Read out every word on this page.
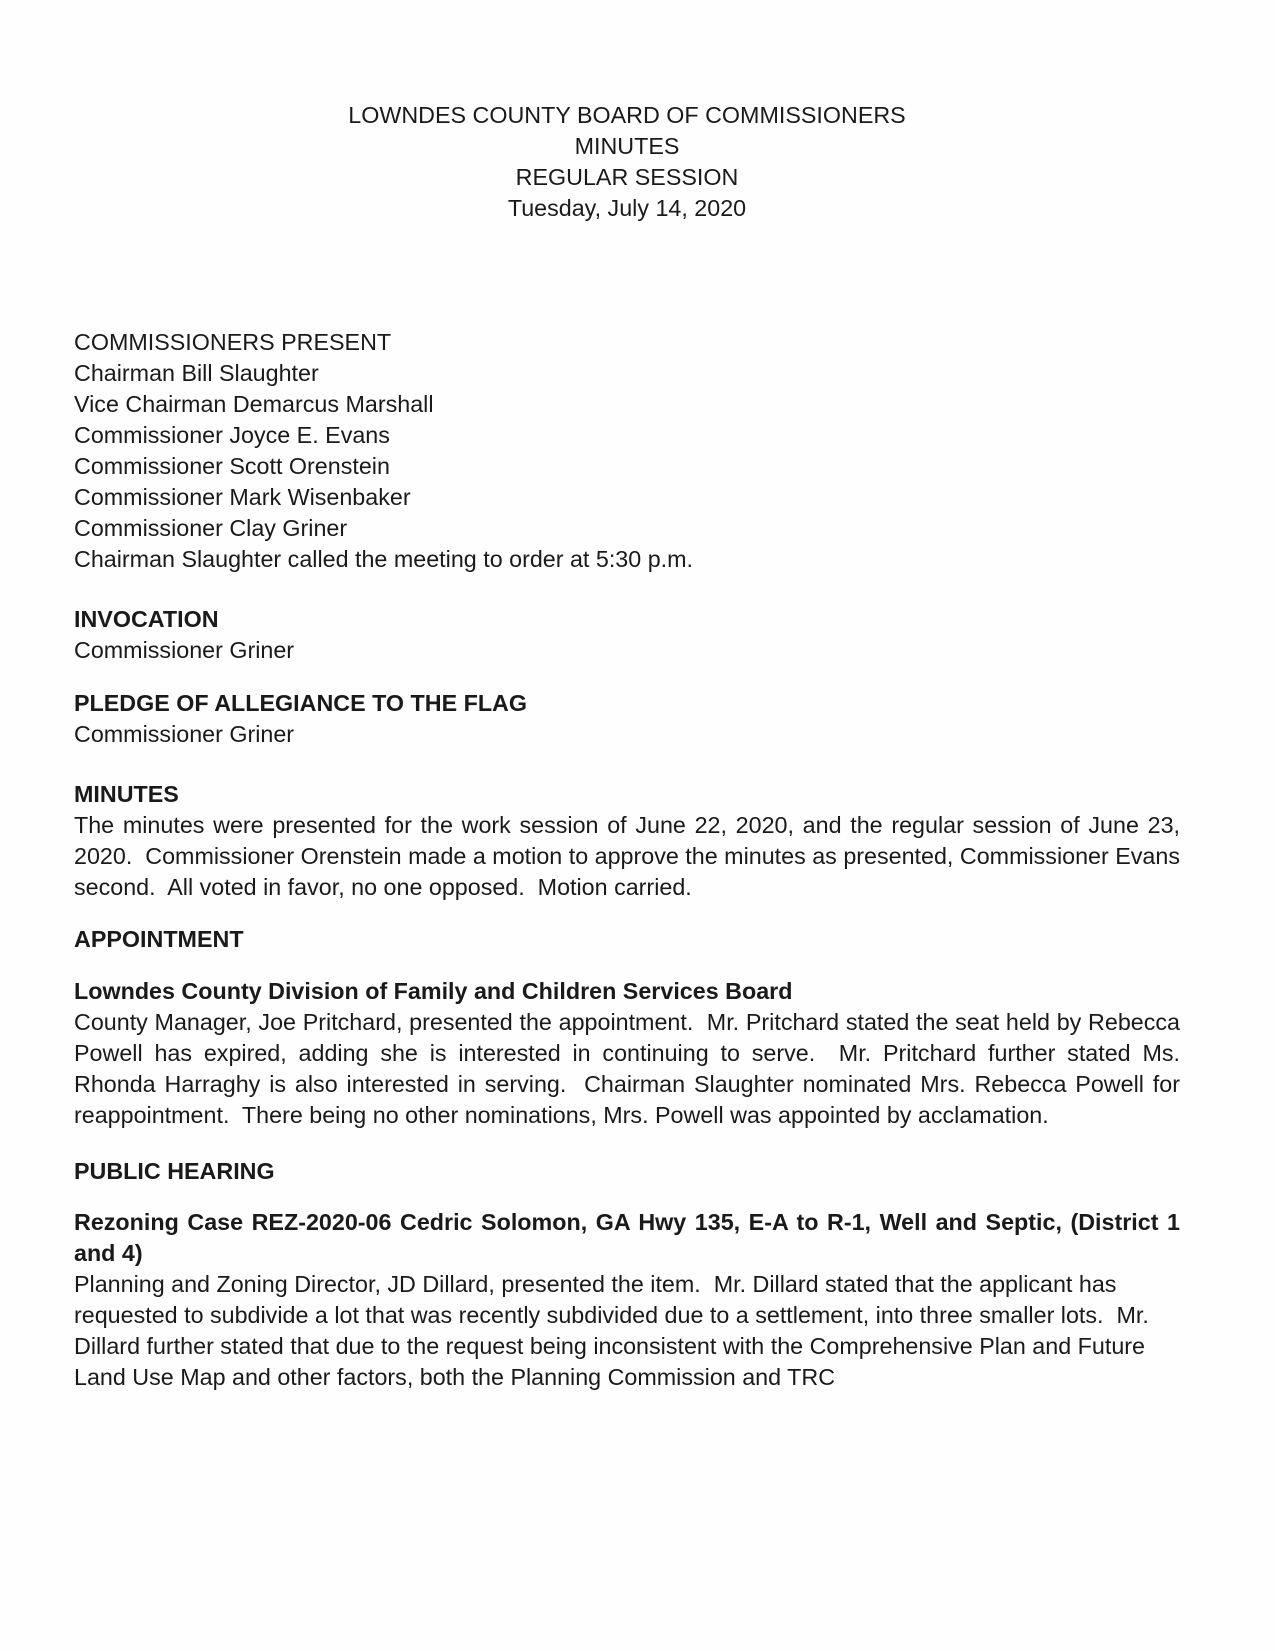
LOWNDES COUNTY BOARD OF COMMISSIONERS
MINUTES
REGULAR SESSION
Tuesday, July 14, 2020
COMMISSIONERS PRESENT
Chairman Bill Slaughter
Vice Chairman Demarcus Marshall
Commissioner Joyce E. Evans
Commissioner Scott Orenstein
Commissioner Mark Wisenbaker
Commissioner Clay Griner

Chairman Slaughter called the meeting to order at 5:30 p.m.

INVOCATION

Commissioner Griner

PLEDGE OF ALLEGIANCE TO THE FLAG

Commissioner Griner

MINUTES

The minutes were presented for the work session of June 22, 2020, and the regular session of June 23, 2020.  Commissioner Orenstein made a motion to approve the minutes as presented, Commissioner Evans second.  All voted in favor, no one opposed.  Motion carried.

APPOINTMENT
Lowndes County Division of Family and Children Services Board

County Manager, Joe Pritchard, presented the appointment.  Mr. Pritchard stated the seat held by Rebecca Powell has expired, adding she is interested in continuing to serve.  Mr. Pritchard further stated Ms. Rhonda Harraghy is also interested in serving.  Chairman Slaughter nominated Mrs. Rebecca Powell for reappointment.  There being no other nominations, Mrs. Powell was appointed by acclamation.

PUBLIC HEARING
Rezoning Case REZ-2020-06 Cedric Solomon, GA Hwy 135, E-A to R-1, Well and Septic, (District 1 and 4)

Planning and Zoning Director, JD Dillard, presented the item.  Mr. Dillard stated that the applicant has requested to subdivide a lot that was recently subdivided due to a settlement, into three smaller lots.  Mr. Dillard further stated that due to the request being inconsistent with the Comprehensive Plan and Future Land Use Map and other factors, both the Planning Commission and TRC
